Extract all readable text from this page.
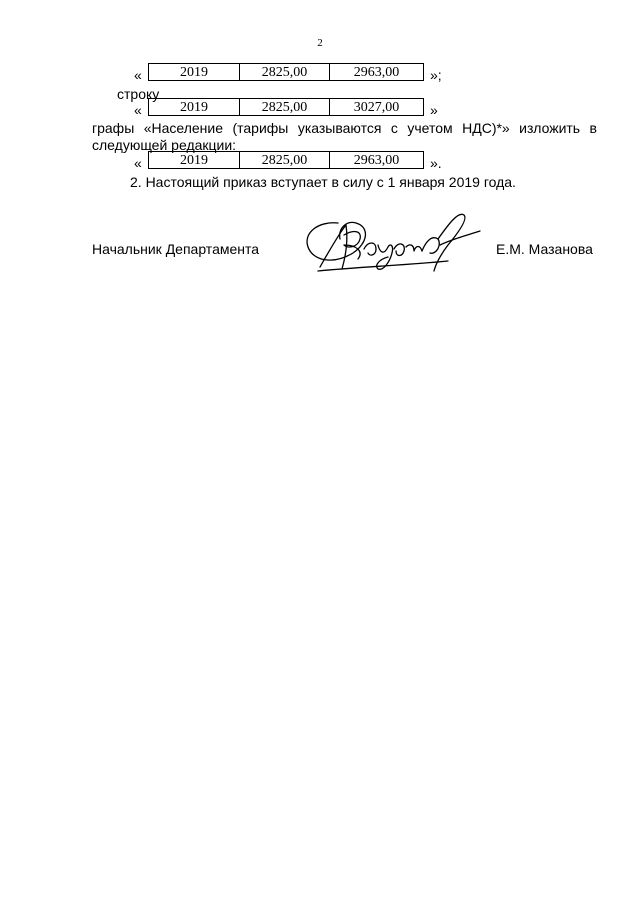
2
«	2019	2825,00	2963,00	»;
строку
«	2019	2825,00	3027,00	»
графы «Население (тарифы указываются с учетом НДС)*» изложить в
следующей редакции:
«	2019	2825,00	2963,00	».
2. Настоящий приказ вступает в силу с 1 января 2019 года.
Начальник Департамента	Е.М. Мазанова
